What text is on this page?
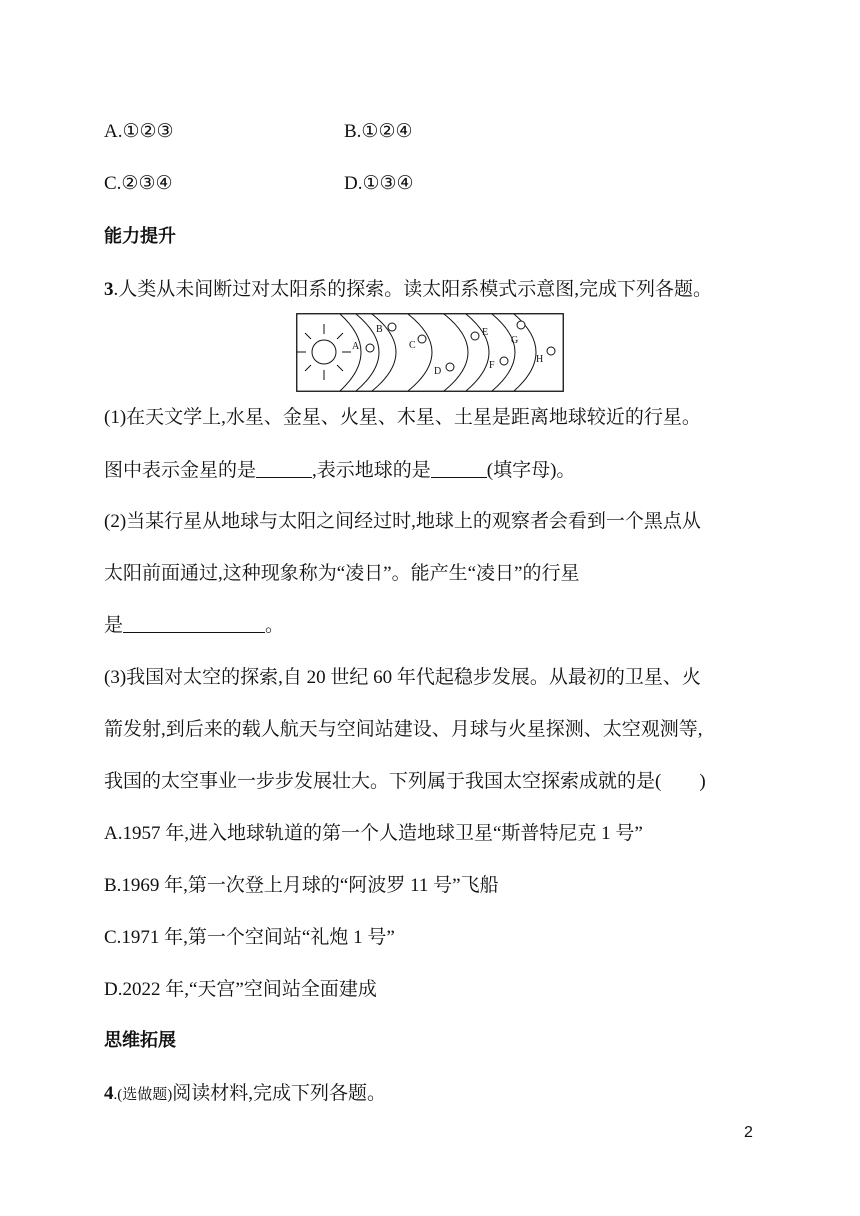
A.①②③	B.①②④
C.②③④	D.①③④
能力提升
3.人类从未间断过对太阳系的探索。读太阳系模式示意图,完成下列各题。
A
B
C
D
E
F
G
H
(1)在天文学上,水星、金星、火星、木星、土星是距离地球较近的行星。
图中表示金星的是	,表示地球的是	(填字母)。
(2)当某行星从地球与太阳之间经过时,地球上的观察者会看到一个黑点从
太阳前面通过,这种现象称为“凌日”。能产生“凌日”的行星
是	。
(3)我国对太空的探索,自 20 世纪 60 年代起稳步发展。从最初的卫星、火
箭发射,到后来的载人航天与空间站建设、月球与火星探测、太空观测等,
我国的太空事业一步步发展壮大。下列属于我国太空探索成就的是(　　)
A.1957 年,进入地球轨道的第一个人造地球卫星“斯普特尼克 1 号”
B.1969 年,第一次登上月球的“阿波罗 11 号”飞船
C.1971 年,第一个空间站“礼炮 1 号”
D.2022 年,“天宫”空间站全面建成
思维拓展
4.(选做题)阅读材料,完成下列各题。
2
